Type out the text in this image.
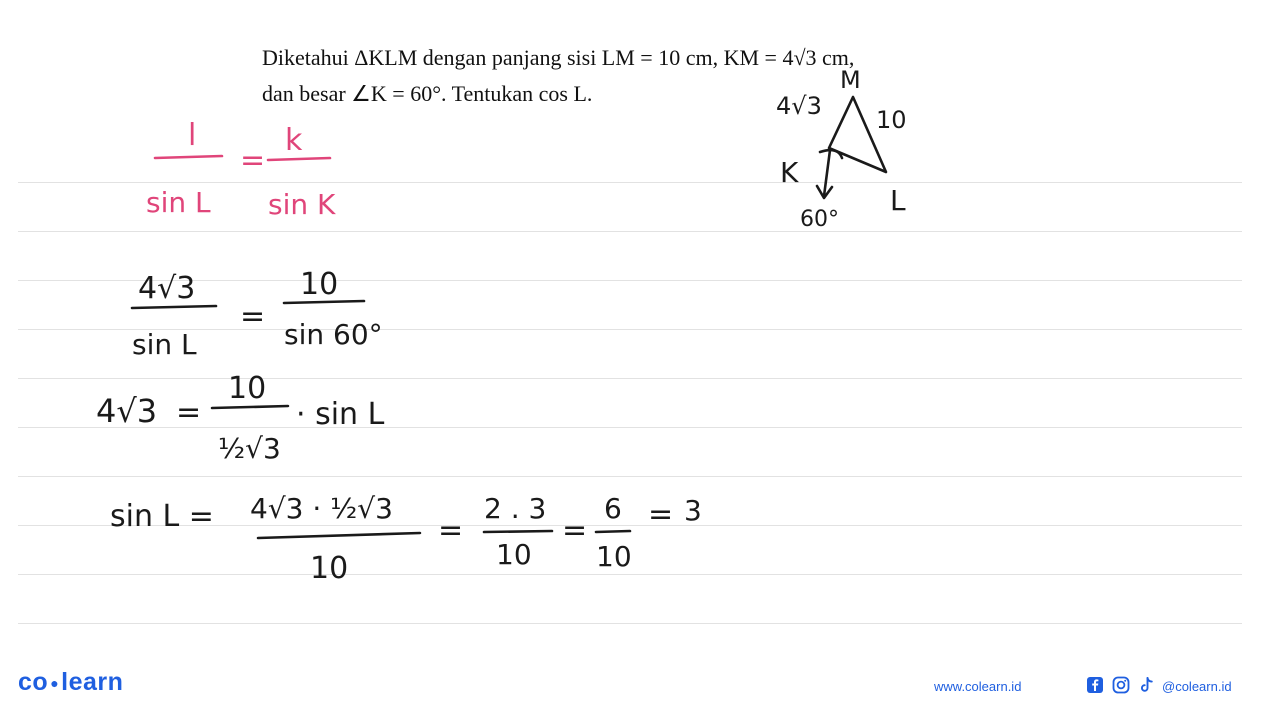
Diketahui ΔKLM dengan panjang sisi LM = 10 cm, KM = 4√3 cm,
dan besar ∠K = 60°. Tentukan cos L.
l
sin L
=
k
sin K
M
4√3 10
K
L
60°
4√3
sin L
=
10
sin 60°
4√3 =
10
½√3
· sin L
sin L = 4√3 · ½√3
10
=
2 . 3
10
=
6
10
= 3
co ●learn	www.colearn.id	@colearn.id
